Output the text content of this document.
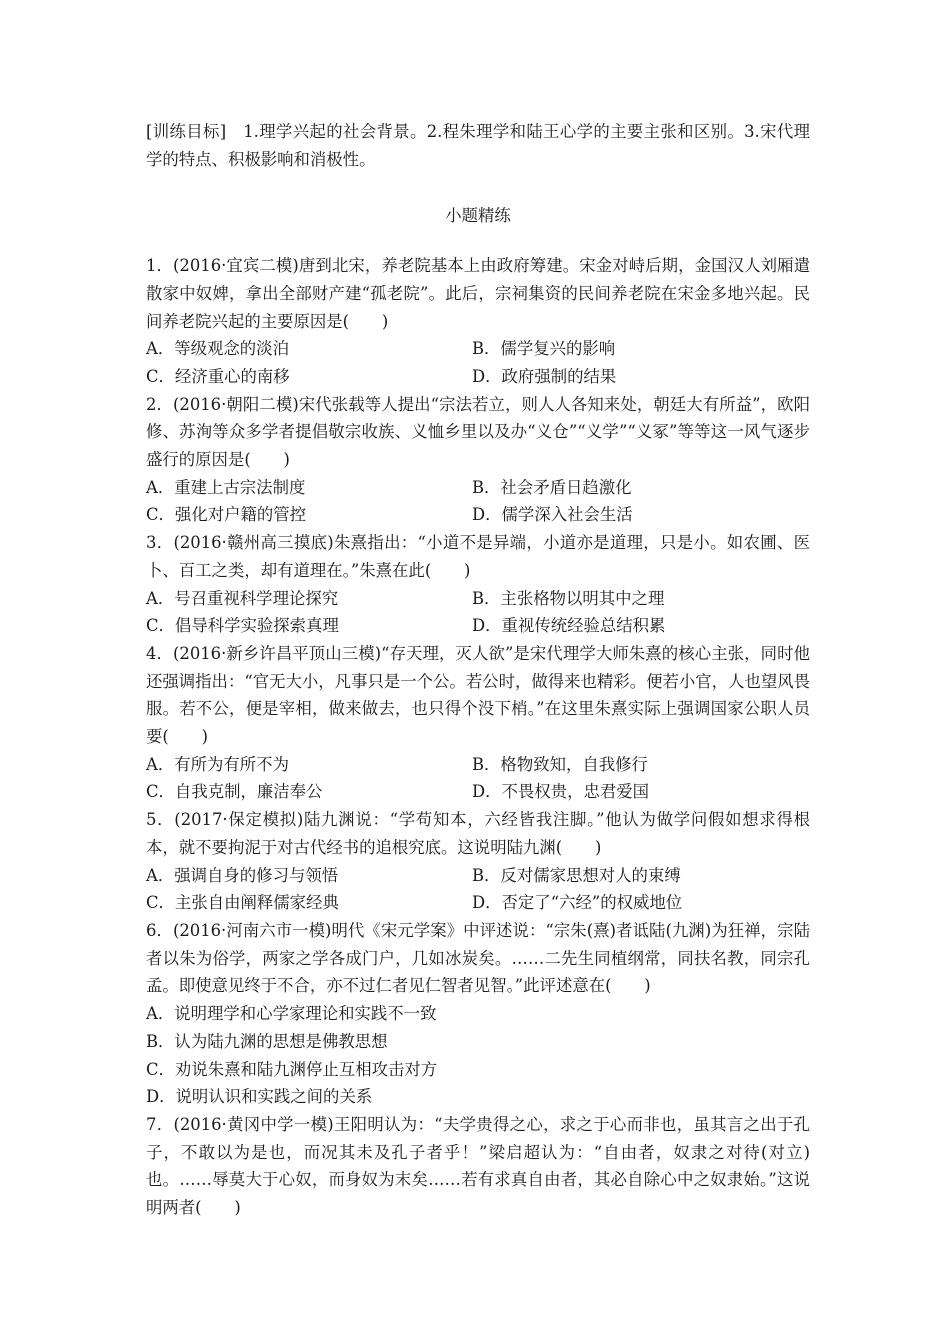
[训练目标]　1.理学兴起的社会背景。2.程朱理学和陆王心学的主要主张和区别。3.宋代理学的特点、积极影响和消极性。

小题精练

1．(2016·宜宾二模)唐到北宋，养老院基本上由政府筹建。宋金对峙后期，金国汉人刘厢遣散家中奴婢，拿出全部财产建“孤老院”。此后，宗祠集资的民间养老院在宋金多地兴起。民间养老院兴起的主要原因是(　　)

A．等级观念的淡泊	B．儒学复兴的影响
C．经济重心的南移	D．政府强制的结果

2．(2016·朝阳二模)宋代张载等人提出“宗法若立，则人人各知来处，朝廷大有所益”，欧阳修、苏洵等众多学者提倡敬宗收族、义恤乡里以及办“义仓”“义学”“义冢”等等这一风气逐步盛行的原因是(　　)

A．重建上古宗法制度	B．社会矛盾日趋激化
C．强化对户籍的管控	D．儒学深入社会生活

3．(2016·赣州高三摸底)朱熹指出：“小道不是异端，小道亦是道理，只是小。如农圃、医卜、百工之类，却有道理在。”朱熹在此(　　)

A．号召重视科学理论探究	B．主张格物以明其中之理
C．倡导科学实验探索真理	D．重视传统经验总结积累

4．(2016·新乡许昌平顶山三模)“存天理，灭人欲”是宋代理学大师朱熹的核心主张，同时他还强调指出：“官无大小，凡事只是一个公。若公时，做得来也精彩。便若小官，人也望风畏服。若不公，便是宰相，做来做去，也只得个没下梢。”在这里朱熹实际上强调国家公职人员要(　　)

A．有所为有所不为	B．格物致知，自我修行
C．自我克制，廉洁奉公	D．不畏权贵，忠君爱国

5．(2017·保定模拟)陆九渊说：“学苟知本，六经皆我注脚。”他认为做学问假如想求得根本，就不要拘泥于对古代经书的追根究底。这说明陆九渊(　　)

A．强调自身的修习与领悟	B．反对儒家思想对人的束缚
C．主张自由阐释儒家经典	D．否定了“六经”的权威地位

6．(2016·河南六市一模)明代《宋元学案》中评述说：“宗朱(熹)者诋陆(九渊)为狂禅，宗陆者以朱为俗学，两家之学各成门户，几如冰炭矣。……二先生同植纲常，同扶名教，同宗孔孟。即使意见终于不合，亦不过仁者见仁智者见智。”此评述意在(　　)

A．说明理学和心学家理论和实践不一致
B．认为陆九渊的思想是佛教思想
C．劝说朱熹和陆九渊停止互相攻击对方
D．说明认识和实践之间的关系

7．(2016·黄冈中学一模)王阳明认为：“夫学贵得之心，求之于心而非也，虽其言之出于孔子，不敢以为是也，而况其未及孔子者乎！”梁启超认为：“自由者，奴隶之对待(对立)也。……辱莫大于心奴，而身奴为末矣……若有求真自由者，其必自除心中之奴隶始。”这说明两者(　　)
